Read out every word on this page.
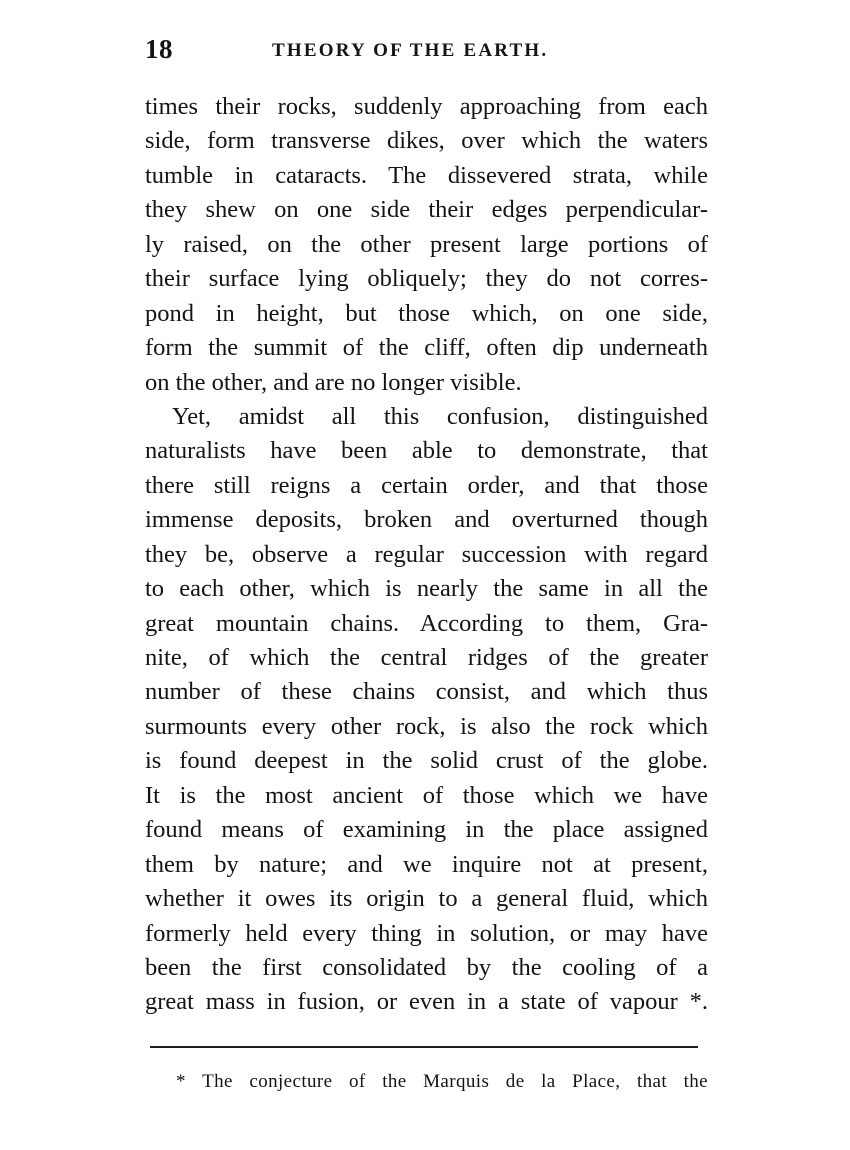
18	THEORY OF THE EARTH.
times their rocks, suddenly approaching from each
side, form transverse dikes, over which the waters
tumble in cataracts. The dissevered strata, while
they shew on one side their edges perpendicular-
ly raised, on the other present large portions of
their surface lying obliquely; they do not corres-
pond in height, but those which, on one side,
form the summit of the cliff, often dip underneath
on the other, and are no longer visible.
Yet, amidst all this confusion, distinguished
naturalists have been able to demonstrate, that
there still reigns a certain order, and that those
immense deposits, broken and overturned though
they be, observe a regular succession with regard
to each other, which is nearly the same in all the
great mountain chains. According to them, Gra-
nite, of which the central ridges of the greater
number of these chains consist, and which thus
surmounts every other rock, is also the rock which
is found deepest in the solid crust of the globe.
It is the most ancient of those which we have
found means of examining in the place assigned
them by nature; and we inquire not at present,
whether it owes its origin to a general fluid, which
formerly held every thing in solution, or may have
been the first consolidated by the cooling of a
great mass in fusion, or even in a state of vapour *.
* The conjecture of the Marquis de la Place, that the
